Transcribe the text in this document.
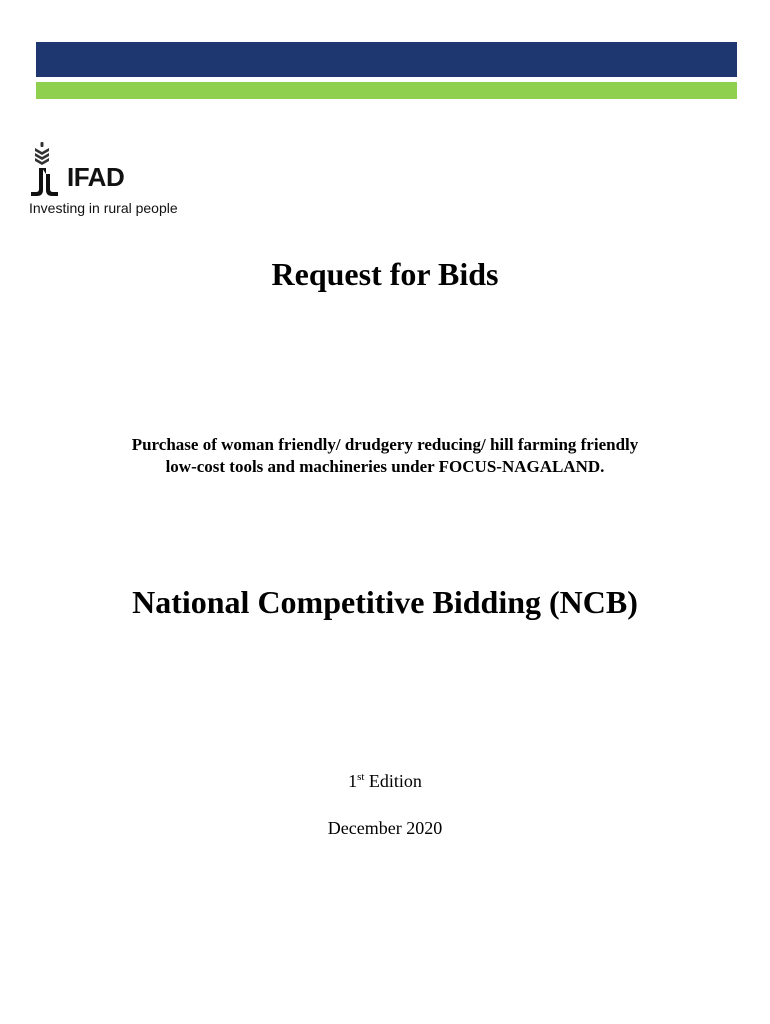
IFAD
Investing in rural people
Request for Bids
Purchase of woman friendly/ drudgery reducing/ hill farming friendly
low-cost tools and machineries under FOCUS-NAGALAND.
National Competitive Bidding (NCB)
1st Edition
December 2020
